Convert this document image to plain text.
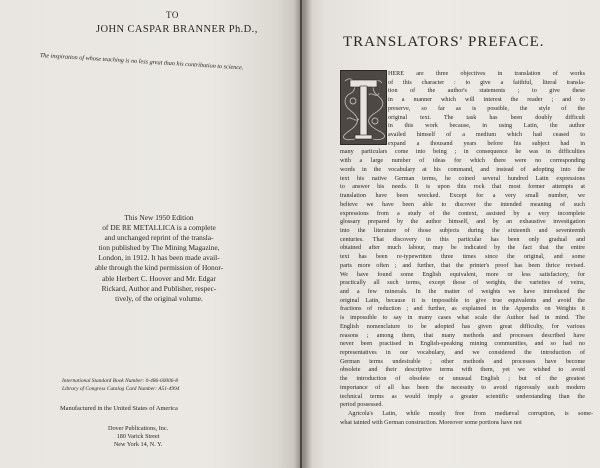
TO
JOHN CASPAR BRANNER Ph.D.,
The inspiration of whose teaching is no less great than his contribution to science.
This New 1950 Edition
of DE RE METALLICA is a complete
and unchanged reprint of the transla-
tion published by The Mining Magazine,
London, in 1912. It has been made avail-
able through the kind permission of Honor-
able Herbert C. Hoover and Mr. Edgar
Rickard, Author and Publisher, respec-
tively, of the original volume.
International Standard Book Number: 0-486-60006-8
Library of Congress Catalog Card Number: A51-4994
Manufactured in the United States of America
Dover Publications, Inc.
180 Varick Street
New York 14, N. Y.
TRANSLATORS' PREFACE.
HERE are three objectives in translation of works
of this character : to give a faithful, literal transla-
tion of the author's statements ; to give these
in a manner which will interest the reader ; and to
preserve, so far as is possible, the style of the
original text. The task has been doubly difficult
in this work because, in using Latin, the author
availed himself of a medium which had ceased to
expand a thousand years before his subject had in
many particulars come into being ; in consequence he was in difficulties
with a large number of ideas for which there were no corresponding
words in the vocabulary at his command, and instead of adopting into the
text his native German terms, he coined several hundred Latin expressions
to answer his needs. It is upon this rock that most former attempts at
translation have been wrecked. Except for a very small number, we
believe we have been able to discover the intended meaning of such
expressions from a study of the context, assisted by a very incomplete
glossary prepared by the author himself, and by an exhaustive investigation
into the literature of those subjects during the sixteenth and seventeenth
centuries. That discovery in this particular has been only gradual and
obtained after much labour, may be indicated by the fact that the entire
text has been re-typewritten three times since the original, and some
parts more often ; and further, that the printer's proof has been thrice revised.
We have found some English equivalent, more or less satisfactory, for
practically all such terms, except those of weights, the varieties of veins,
and a few minerals. In the matter of weights we have introduced the
original Latin, because it is impossible to give true equivalents and avoid the
fractions of reduction ; and further, as explained in the Appendix on Weights it
is impossible to say in many cases what scale the Author had in mind. The
English nomenclature to be adopted has given great difficulty, for various
reasons ; among them, that many methods and processes described have
never been practised in English-speaking mining communities, and so had no
representatives in our vocabulary, and we considered the introduction of
German terms undesirable ; other methods and processes have become
obsolete and their descriptive terms with them, yet we wished to avoid
the introduction of obsolete or unusual English ; but of the greatest
importance of all has been the necessity to avoid rigorously such modern
technical terms as would imply a greater scientific understanding than the
period possessed.
Agricola's Latin, while mostly free from mediæval corruption, is some-
what tainted with German construction. Moreover some portions have not
